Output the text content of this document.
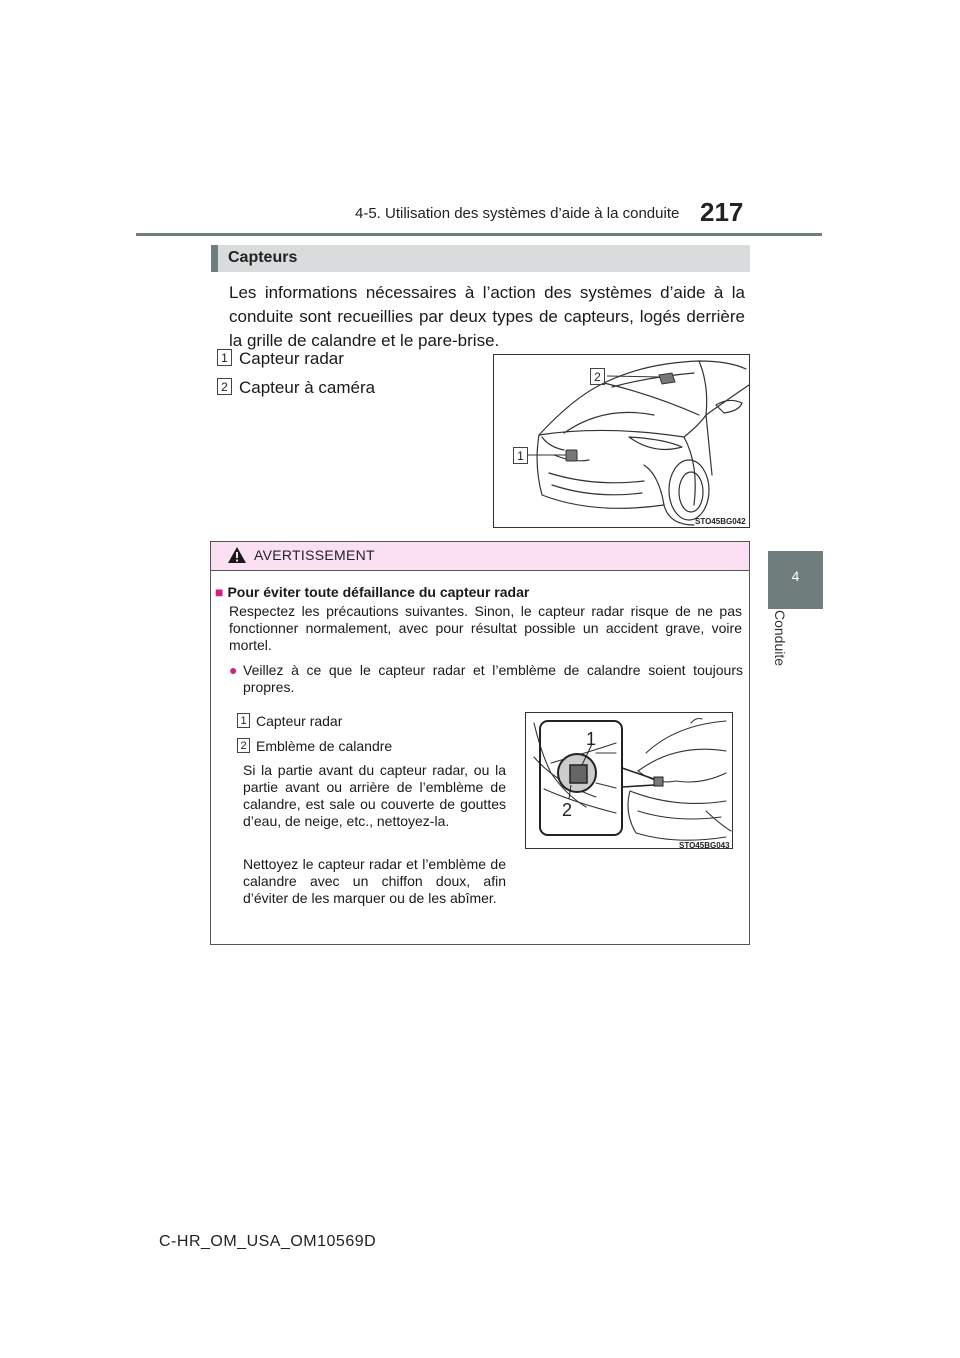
4-5. Utilisation des systèmes d’aide à la conduite 217
4
Conduite
Capteurs
Les informations nécessaires à l’action des systèmes d’aide à la conduite sont recueillies par deux types de capteurs, logés derrière la grille de calandre et le pare-brise.
1 Capteur radar
2 Capteur à caméra
2
1
STO45BG042
AVERTISSEMENT
■ Pour éviter toute défaillance du capteur radar
Respectez les précautions suivantes. Sinon, le capteur radar risque de ne pas fonctionner normalement, avec pour résultat possible un accident grave, voire mortel.
● Veillez à ce que le capteur radar et l’emblème de calandre soient toujours propres.
1 Capteur radar
2 Emblème de calandre
Si la partie avant du capteur radar, ou la partie avant ou arrière de l’emblème de calandre, est sale ou couverte de gouttes d’eau, de neige, etc., nettoyez-la.
Nettoyez le capteur radar et l’emblème de calandre avec un chiffon doux, afin d’éviter de les marquer ou de les abîmer.
1
2
STO45BG043
C-HR_OM_USA_OM10569D
